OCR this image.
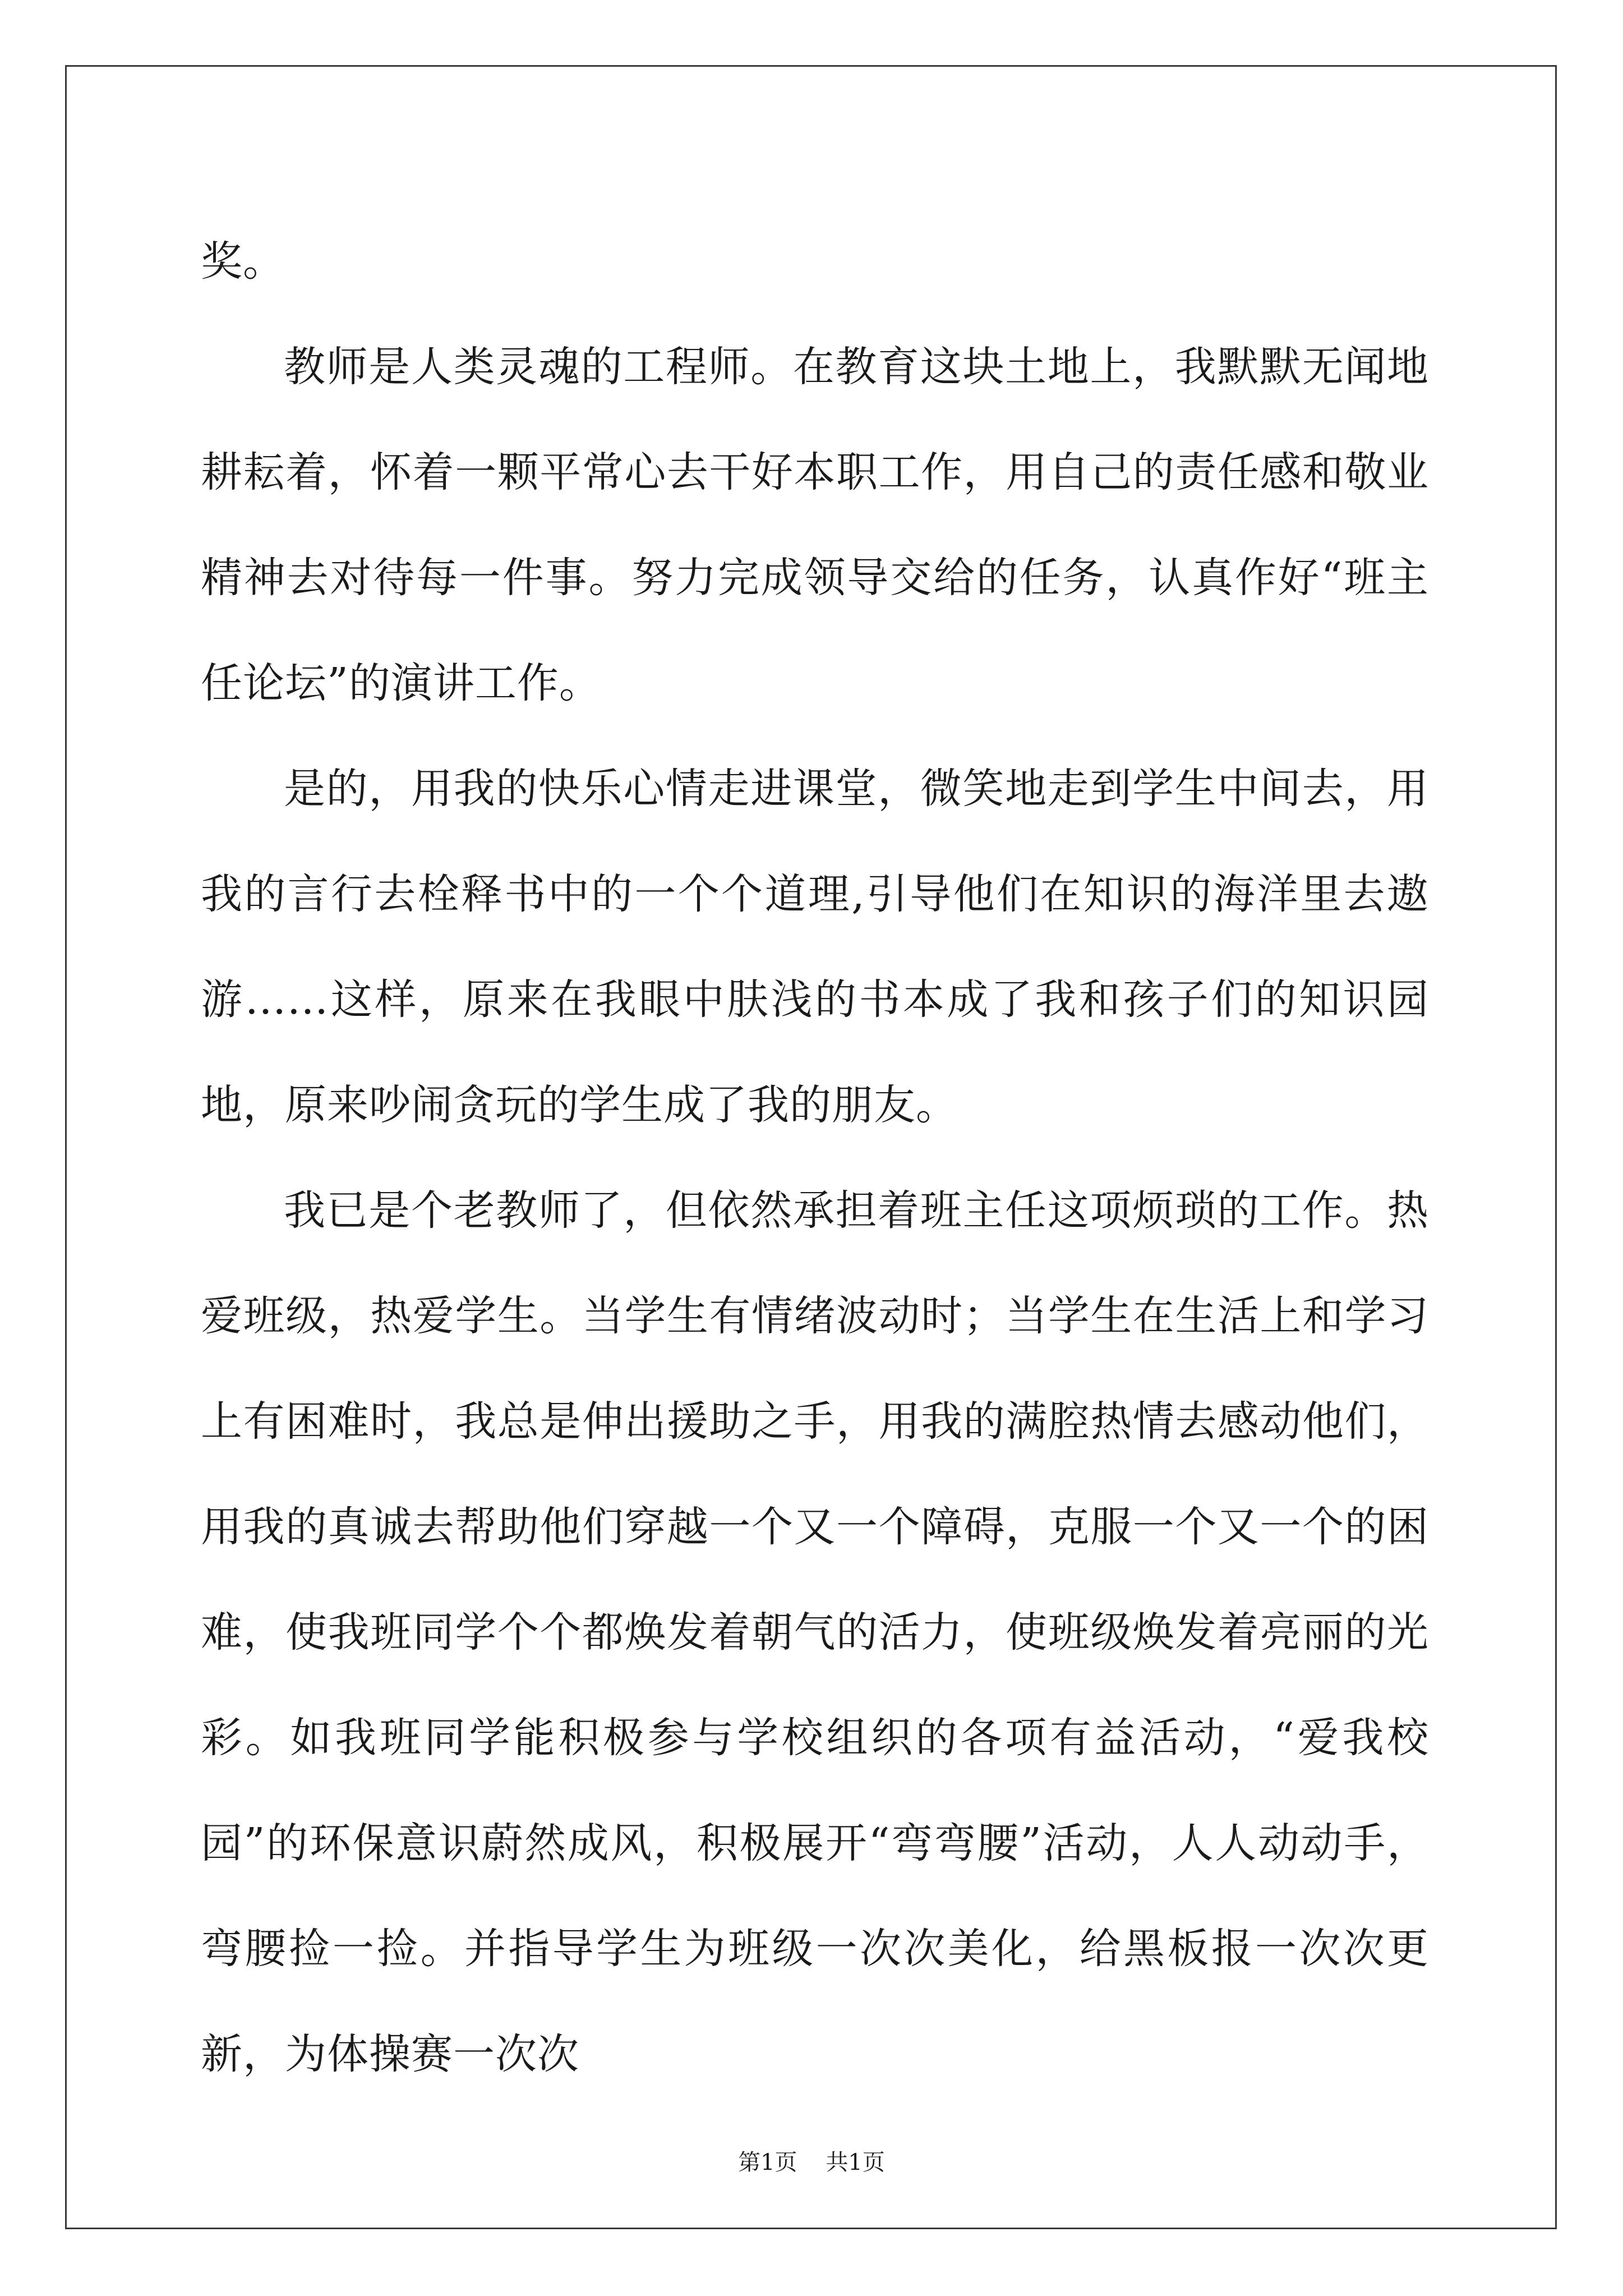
奖。

教师是人类灵魂的工程师。在教育这块土地上，我默默无闻地耕耘着，怀着一颗平常心去干好本职工作，用自己的责任感和敬业精神去对待每一件事。努力完成领导交给的任务，认真作好“班主任论坛”的演讲工作。

是的，用我的快乐心情走进课堂，微笑地走到学生中间去，用我的言行去栓释书中的一个个道理,引导他们在知识的海洋里去遨游……这样，原来在我眼中肤浅的书本成了我和孩子们的知识园地，原来吵闹贪玩的学生成了我的朋友。

我已是个老教师了，但依然承担着班主任这项烦琐的工作。热爱班级，热爱学生。当学生有情绪波动时；当学生在生活上和学习上有困难时，我总是伸出援助之手，用我的满腔热情去感动他们，用我的真诚去帮助他们穿越一个又一个障碍，克服一个又一个的困难，使我班同学个个都焕发着朝气的活力，使班级焕发着亮丽的光彩。如我班同学能积极参与学校组织的各项有益活动，“爱我校园”的环保意识蔚然成风，积极展开“弯弯腰”活动，人人动动手，弯腰捡一捡。并指导学生为班级一次次美化，给黑板报一次次更新，为体操赛一次次

第1页 共1页
